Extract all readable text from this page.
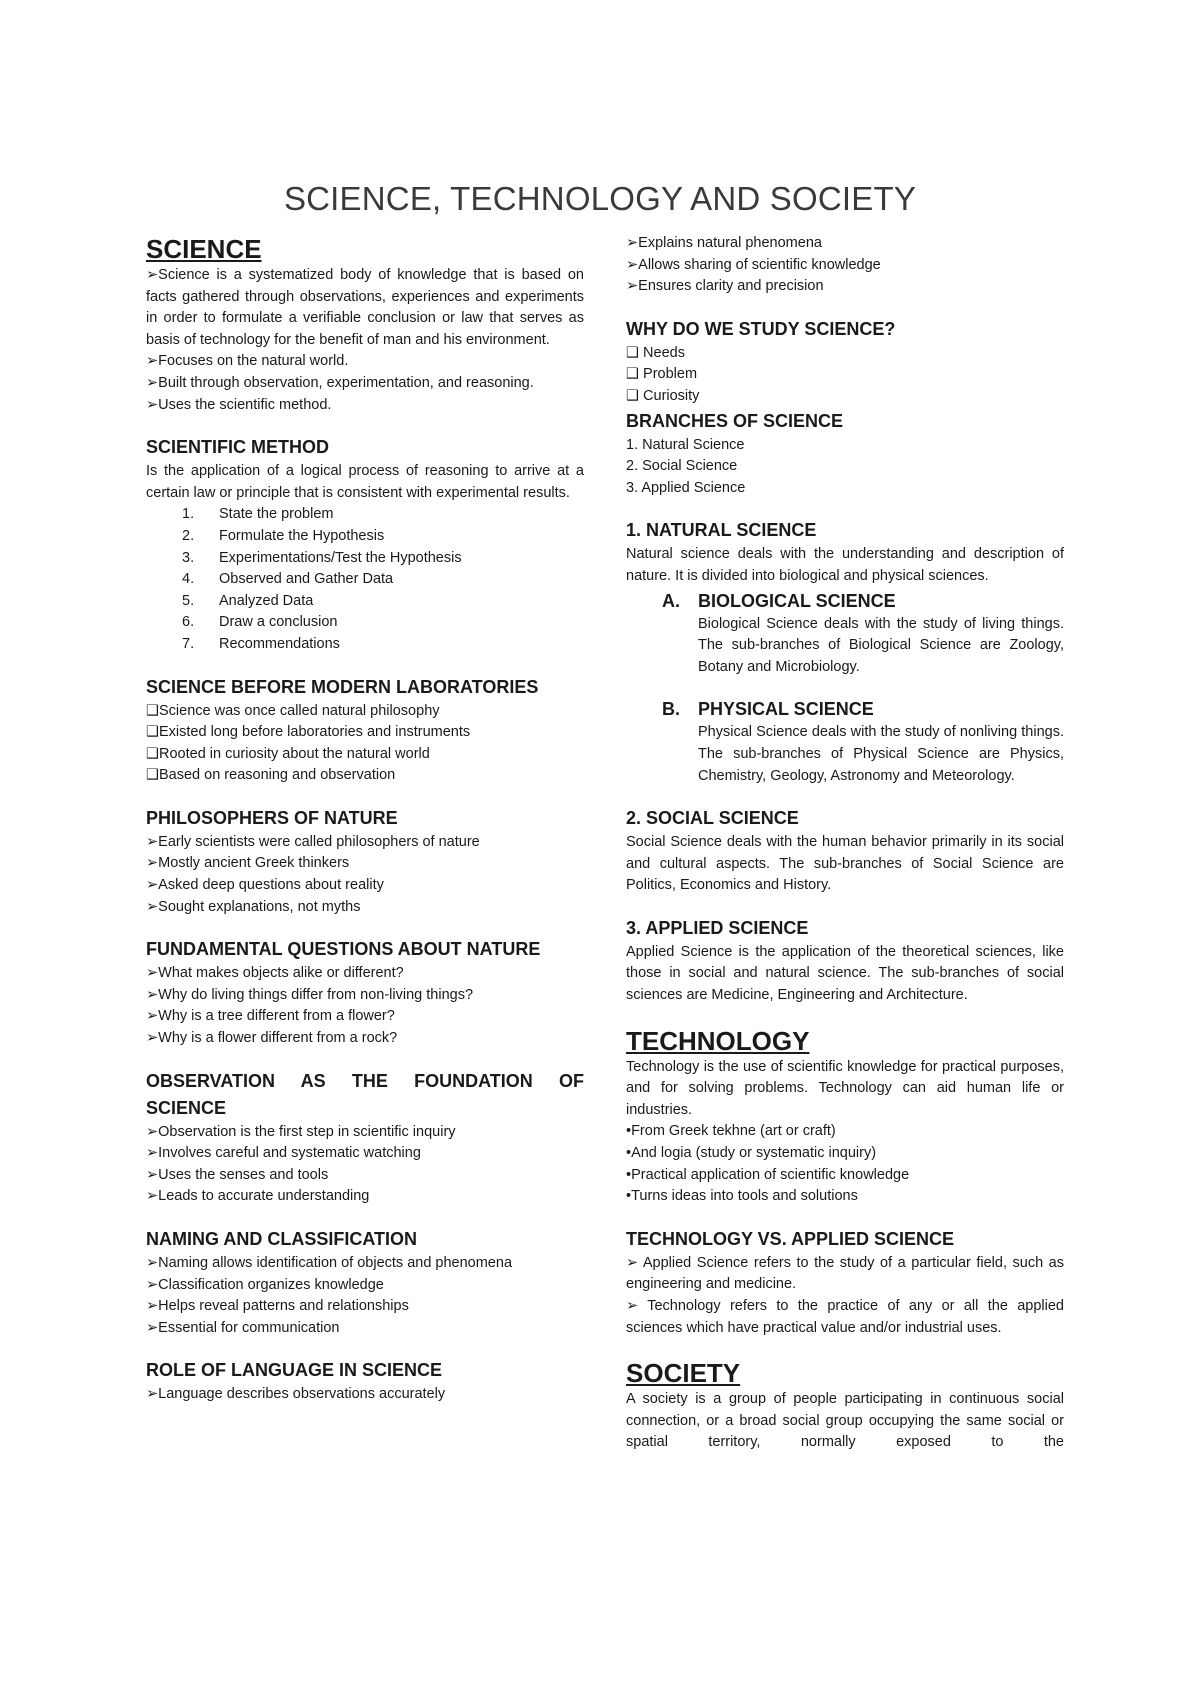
SCIENCE, TECHNOLOGY AND SOCIETY
SCIENCE

➢Science is a systematized body of knowledge that is based on facts gathered through observations, experiences and experiments in order to formulate a verifiable conclusion or law that serves as basis of technology for the benefit of man and his environment.

➢Focuses on the natural world.

➢Built through observation, experimentation, and reasoning.

➢Uses the scientific method.

SCIENTIFIC METHOD

Is the application of a logical process of reasoning to arrive at a certain law or principle that is consistent with experimental results.

1.	State the problem
2.	Formulate the Hypothesis
3.	Experimentations/Test the Hypothesis
4.	Observed and Gather Data
5.	Analyzed Data
6.	Draw a conclusion
7.	Recommendations
SCIENCE BEFORE MODERN LABORATORIES

❑Science was once called natural philosophy

❑Existed long before laboratories and instruments

❑Rooted in curiosity about the natural world

❑Based on reasoning and observation

PHILOSOPHERS OF NATURE

➢Early scientists were called philosophers of nature

➢Mostly ancient Greek thinkers

➢Asked deep questions about reality

➢Sought explanations, not myths

FUNDAMENTAL QUESTIONS ABOUT NATURE

➢What makes objects alike or different?

➢Why do living things differ from non-living things?

➢Why is a tree different from a flower?

➢Why is a flower different from a rock?

OBSERVATION AS THE FOUNDATION OF SCIENCE

➢Observation is the first step in scientific inquiry

➢Involves careful and systematic watching

➢Uses the senses and tools

➢Leads to accurate understanding

NAMING AND CLASSIFICATION

➢Naming allows identification of objects and phenomena

➢Classification organizes knowledge

➢Helps reveal patterns and relationships

➢Essential for communication

ROLE OF LANGUAGE IN SCIENCE

➢Language describes observations accurately

➢Explains natural phenomena

➢Allows sharing of scientific knowledge

➢Ensures clarity and precision

WHY DO WE STUDY SCIENCE?

❑ Needs

❑ Problem

❑ Curiosity

BRANCHES OF SCIENCE

1. Natural Science

2. Social Science

3. Applied Science

1. NATURAL SCIENCE

Natural science deals with the understanding and description of nature. It is divided into biological and physical sciences.

A. BIOLOGICAL SCIENCE

Biological Science deals with the study of living things. The sub-branches of Biological Science are Zoology, Botany and Microbiology.

B. PHYSICAL SCIENCE

Physical Science deals with the study of nonliving things. The sub-branches of Physical Science are Physics, Chemistry, Geology, Astronomy and Meteorology.

2. SOCIAL SCIENCE

Social Science deals with the human behavior primarily in its social and cultural aspects. The sub-branches of Social Science are Politics, Economics and History.

3. APPLIED SCIENCE

Applied Science is the application of the theoretical sciences, like those in social and natural science. The sub-branches of social sciences are Medicine, Engineering and Architecture.

TECHNOLOGY

Technology is the use of scientific knowledge for practical purposes, and for solving problems. Technology can aid human life or industries.

•From Greek tekhne (art or craft)

•And logia (study or systematic inquiry)

•Practical application of scientific knowledge

•Turns ideas into tools and solutions

TECHNOLOGY VS. APPLIED SCIENCE

➢ Applied Science refers to the study of a particular field, such as engineering and medicine.

➢ Technology refers to the practice of any or all the applied sciences which have practical value and/or industrial uses.

SOCIETY

A society is a group of people participating in continuous social connection, or a broad social group occupying the same social or spatial territory, normally exposed to the
